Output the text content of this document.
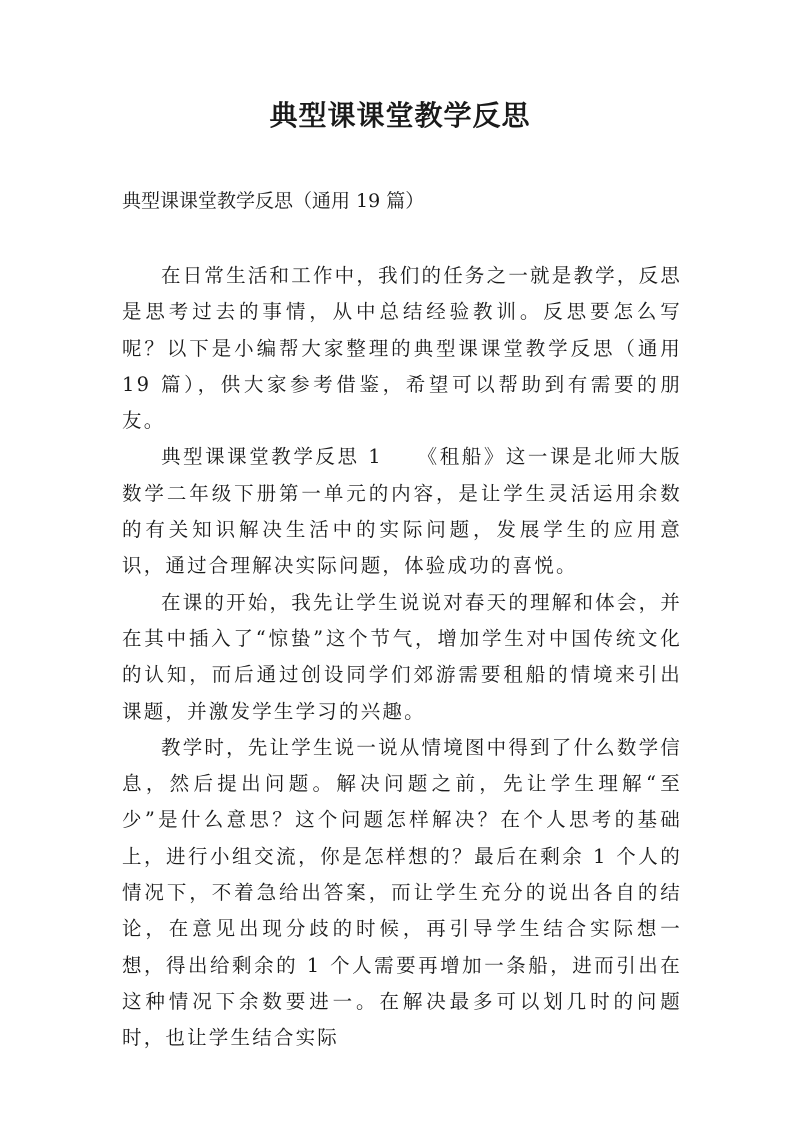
典型课课堂教学反思

典型课课堂教学反思（通用 19 篇）

在日常生活和工作中，我们的任务之一就是教学，反思是思考过去的事情，从中总结经验教训。反思要怎么写呢？以下是小编帮大家整理的典型课课堂教学反思（通用 19 篇），供大家参考借鉴，希望可以帮助到有需要的朋友。

典型课课堂教学反思 1　　《租船》这一课是北师大版数学二年级下册第一单元的内容，是让学生灵活运用余数的有关知识解决生活中的实际问题，发展学生的应用意识，通过合理解决实际问题，体验成功的喜悦。

在课的开始，我先让学生说说对春天的理解和体会，并在其中插入了“惊蛰”这个节气，增加学生对中国传统文化的认知，而后通过创设同学们郊游需要租船的情境来引出课题，并激发学生学习的兴趣。

教学时，先让学生说一说从情境图中得到了什么数学信息，然后提出问题。解决问题之前，先让学生理解“至少”是什么意思？这个问题怎样解决？在个人思考的基础上，进行小组交流，你是怎样想的？最后在剩余 1 个人的情况下，不着急给出答案，而让学生充分的说出各自的结论，在意见出现分歧的时候，再引导学生结合实际想一想，得出给剩余的 1 个人需要再增加一条船，进而引出在这种情况下余数要进一。在解决最多可以划几时的问题时，也让学生结合实际
